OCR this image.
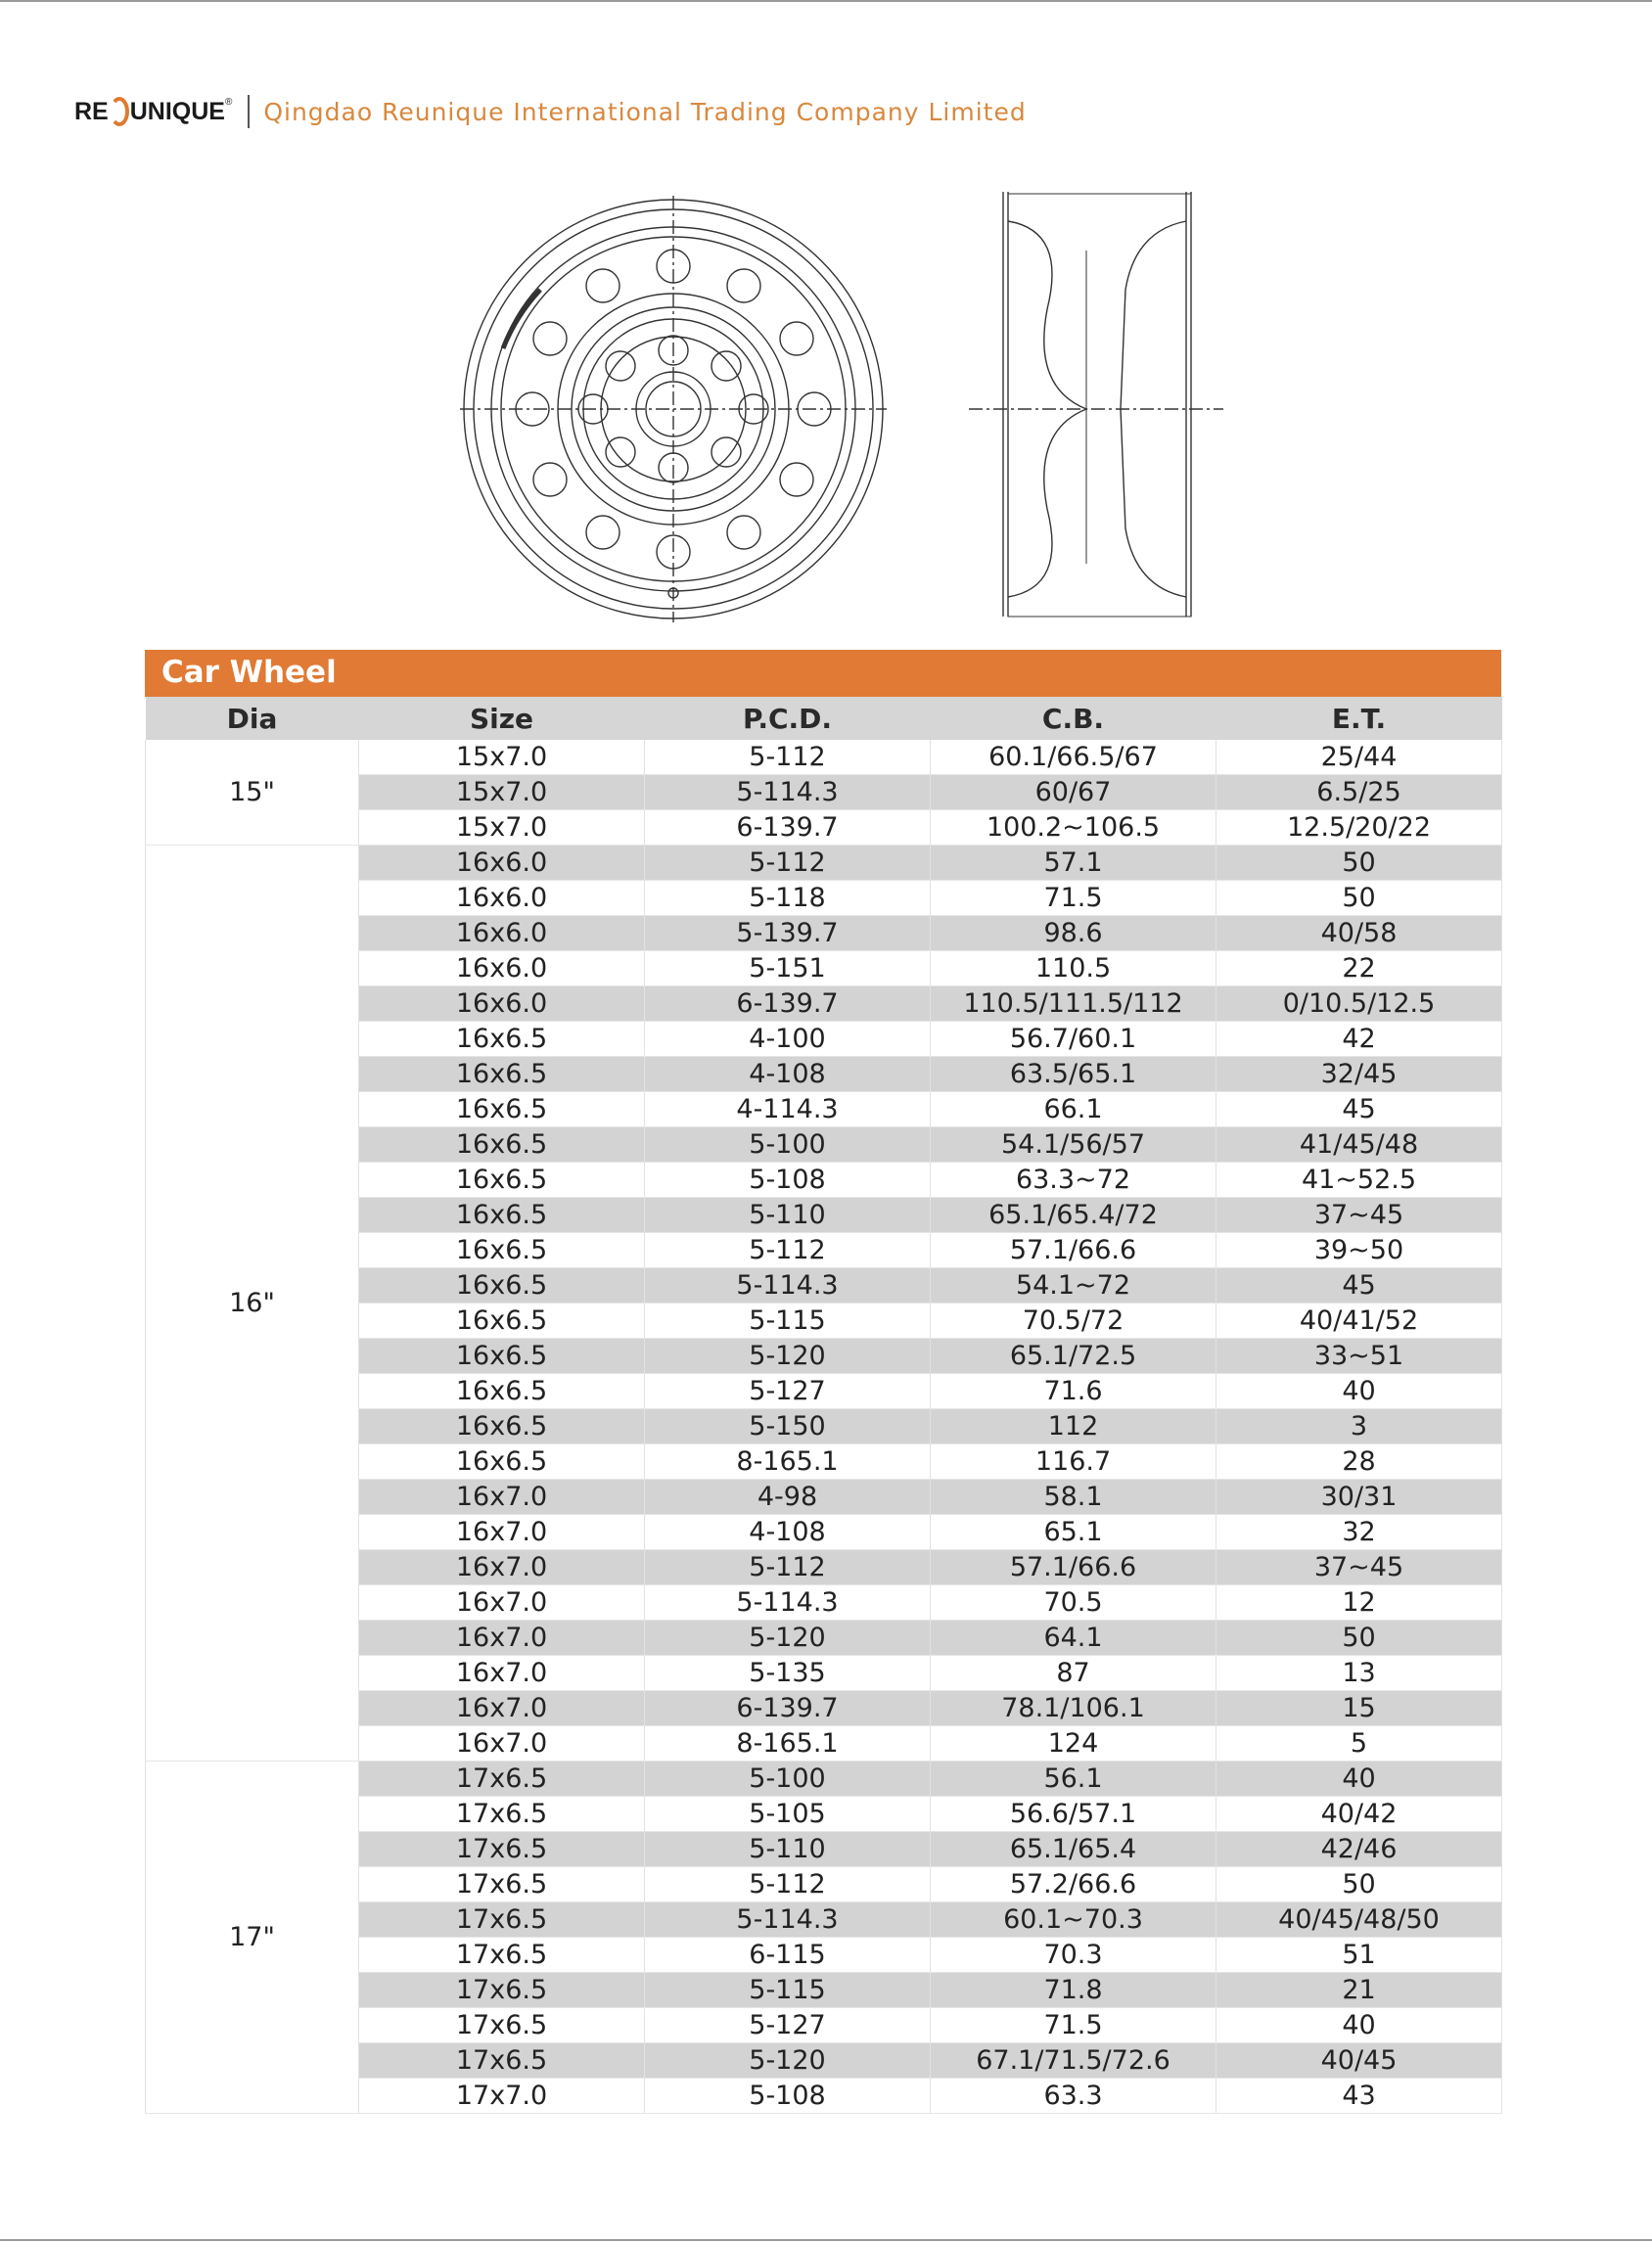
RE UNIQUE ® Qingdao Reunique International Trading Company Limited
Car Wheel
Dia	Size	P.C.D.	C.B.	E.T.
15"	15x7.0	5-112	60.1/66.5/67	25/44
	15x7.0	5-114.3	60/67	6.5/25
	15x7.0	6-139.7	100.2~106.5	12.5/20/22
16"	16x6.0	5-112	57.1	50
	16x6.0	5-118	71.5	50
	16x6.0	5-139.7	98.6	40/58
	16x6.0	5-151	110.5	22
	16x6.0	6-139.7	110.5/111.5/112	0/10.5/12.5
	16x6.5	4-100	56.7/60.1	42
	16x6.5	4-108	63.5/65.1	32/45
	16x6.5	4-114.3	66.1	45
	16x6.5	5-100	54.1/56/57	41/45/48
	16x6.5	5-108	63.3~72	41~52.5
	16x6.5	5-110	65.1/65.4/72	37~45
	16x6.5	5-112	57.1/66.6	39~50
	16x6.5	5-114.3	54.1~72	45
	16x6.5	5-115	70.5/72	40/41/52
	16x6.5	5-120	65.1/72.5	33~51
	16x6.5	5-127	71.6	40
	16x6.5	5-150	112	3
	16x6.5	8-165.1	116.7	28
	16x7.0	4-98	58.1	30/31
	16x7.0	4-108	65.1	32
	16x7.0	5-112	57.1/66.6	37~45
	16x7.0	5-114.3	70.5	12
	16x7.0	5-120	64.1	50
	16x7.0	5-135	87	13
	16x7.0	6-139.7	78.1/106.1	15
	16x7.0	8-165.1	124	5
17"	17x6.5	5-100	56.1	40
	17x6.5	5-105	56.6/57.1	40/42
	17x6.5	5-110	65.1/65.4	42/46
	17x6.5	5-112	57.2/66.6	50
	17x6.5	5-114.3	60.1~70.3	40/45/48/50
	17x6.5	6-115	70.3	51
	17x6.5	5-115	71.8	21
	17x6.5	5-127	71.5	40
	17x6.5	5-120	67.1/71.5/72.6	40/45
	17x7.0	5-108	63.3	43
